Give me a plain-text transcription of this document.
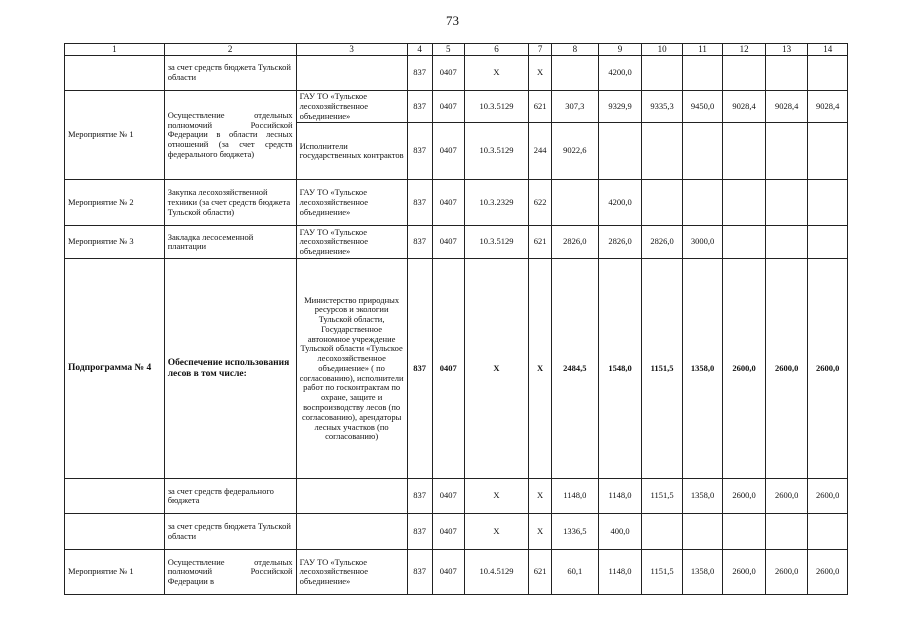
73
1	2	3	4	5	6	7	8	9	10	11	12	13	14
	за счет средств бюджета Тульской области		837	0407	Х	Х		4200,0					
Мероприятие № 1	Осуществление отдельных полномочий Российской Федерации в области лесных отношений (за счет средств федерального бюджета)	ГАУ ТО «Тульское лесохозяйственное объединение»	837	0407	10.3.5129	621	307,3	9329,9	9335,3	9450,0	9028,4	9028,4	9028,4
		Исполнители государственных контрактов	837	0407	10.3.5129	244	9022,6						
Мероприятие № 2	Закупка лесохозяйственной техники (за счет средств бюджета Тульской области)	ГАУ ТО «Тульское лесохозяйственное объединение»	837	0407	10.3.2329	622		4200,0					
Мероприятие № 3	Закладка лесосеменной плантации	ГАУ ТО «Тульское лесохозяйственное объединение»	837	0407	10.3.5129	621	2826,0	2826,0	2826,0	3000,0			
Подпрограмма № 4	Обеспечение использования лесов в том числе:	Министерство природных ресурсов и экологии Тульской области, Государственное автономное учреждение Тульской области «Тульское лесохозяйственное объединение» ( по согласованию), исполнители работ по госконтрактам по охране, защите и воспроизводству лесов (по согласованию), арендаторы лесных участков (по согласованию)	837	0407	Х	Х	2484,5	1548,0	1151,5	1358,0	2600,0	2600,0	2600,0
	за счет средств федерального бюджета		837	0407	Х	Х	1148,0	1148,0	1151,5	1358,0	2600,0	2600,0	2600,0
	за счет средств бюджета Тульской области		837	0407	Х	Х	1336,5	400,0					
Мероприятие № 1	Осуществление отдельных полномочий Российской Федерации в	ГАУ ТО «Тульское лесохозяйственное объединение»	837	0407	10.4.5129	621	60,1	1148,0	1151,5	1358,0	2600,0	2600,0	2600,0
